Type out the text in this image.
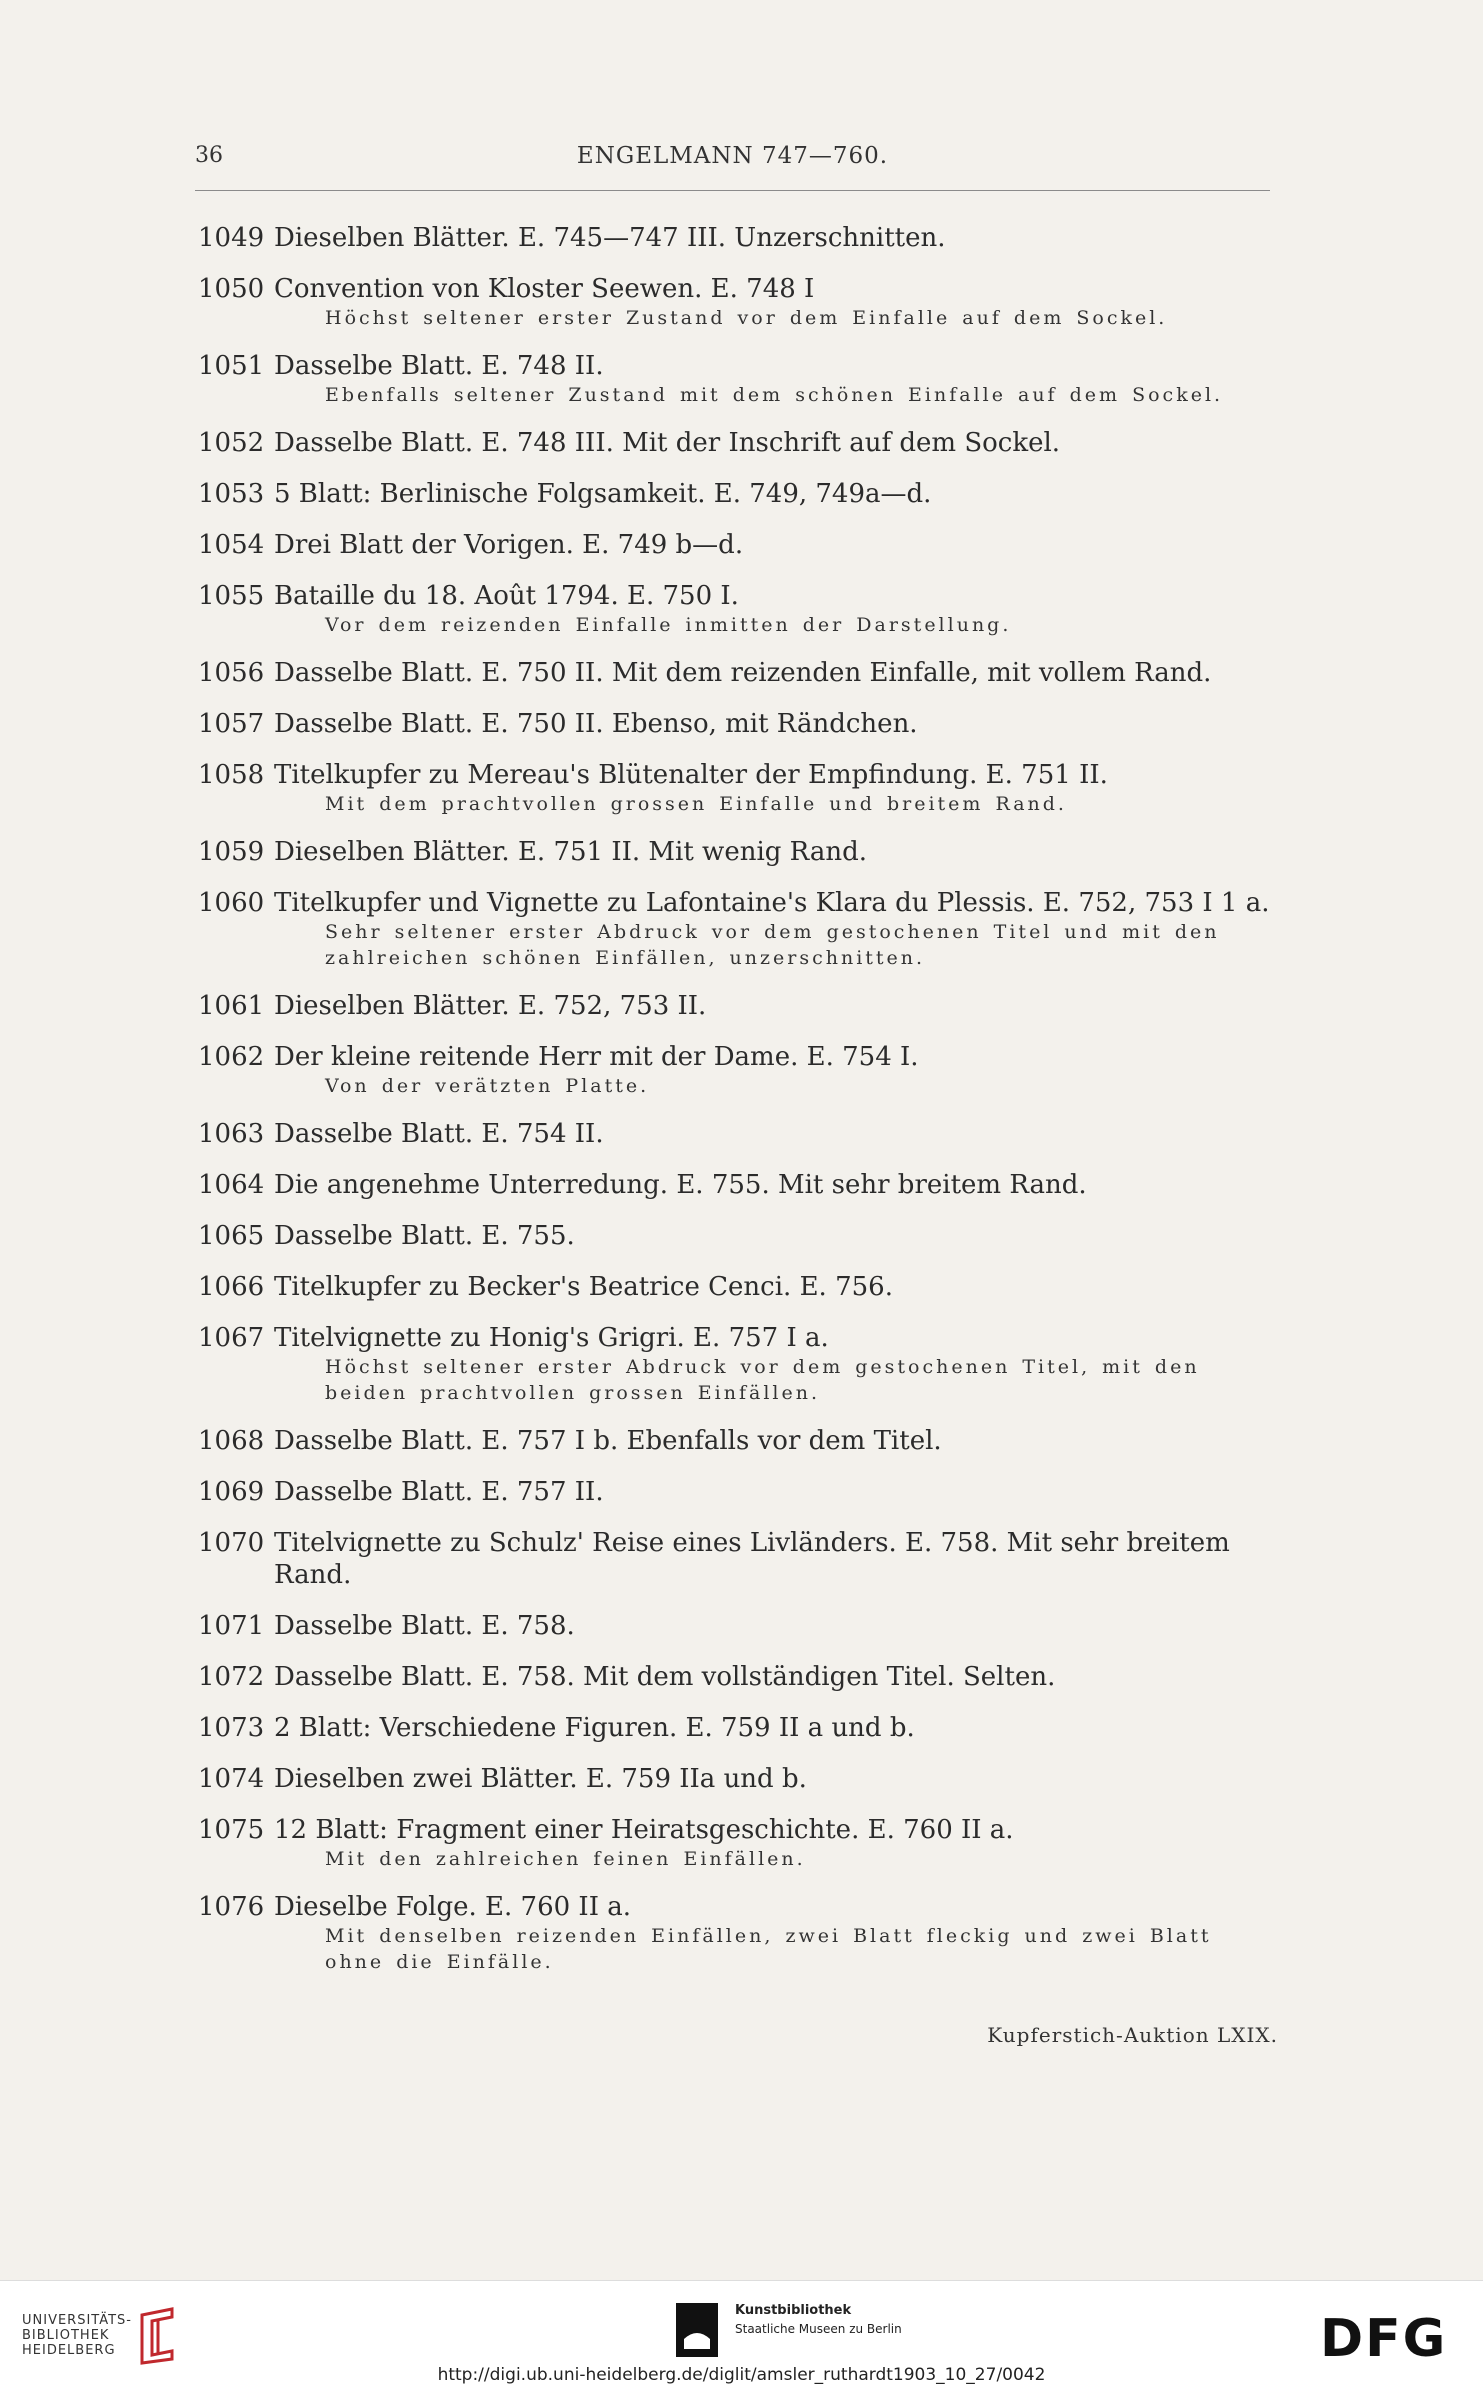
36	ENGELMANN 747—760.
1049 Dieselben Blätter. E. 745—747 III. Unzerschnitten.
1050 Convention von Kloster Seewen. E. 748 I
Höchst seltener erster Zustand vor dem Einfalle auf dem Sockel.
1051 Dasselbe Blatt. E. 748 II.
Ebenfalls seltener Zustand mit dem schönen Einfalle auf dem Sockel.
1052 Dasselbe Blatt. E. 748 III. Mit der Inschrift auf dem Sockel.
1053 5 Blatt: Berlinische Folgsamkeit. E. 749, 749a—d.
1054 Drei Blatt der Vorigen. E. 749 b—d.
1055 Bataille du 18. Août 1794. E. 750 I.
Vor dem reizenden Einfalle inmitten der Darstellung.
1056 Dasselbe Blatt. E. 750 II. Mit dem reizenden Einfalle, mit vollem Rand.
1057 Dasselbe Blatt. E. 750 II. Ebenso, mit Rändchen.
1058 Titelkupfer zu Mereau's Blütenalter der Empfindung. E. 751 II.
Mit dem prachtvollen grossen Einfalle und breitem Rand.
1059 Dieselben Blätter. E. 751 II. Mit wenig Rand.
1060 Titelkupfer und Vignette zu Lafontaine's Klara du Plessis. E. 752, 753 I 1 a.
Sehr seltener erster Abdruck vor dem gestochenen Titel und mit den zahlreichen schönen Einfällen, unzerschnitten.
1061 Dieselben Blätter. E. 752, 753 II.
1062 Der kleine reitende Herr mit der Dame. E. 754 I.
Von der verätzten Platte.
1063 Dasselbe Blatt. E. 754 II.
1064 Die angenehme Unterredung. E. 755. Mit sehr breitem Rand.
1065 Dasselbe Blatt. E. 755.
1066 Titelkupfer zu Becker's Beatrice Cenci. E. 756.
1067 Titelvignette zu Honig's Grigri. E. 757 I a.
Höchst seltener erster Abdruck vor dem gestochenen Titel, mit den beiden prachtvollen grossen Einfällen.
1068 Dasselbe Blatt. E. 757 I b. Ebenfalls vor dem Titel.
1069 Dasselbe Blatt. E. 757 II.
1070 Titelvignette zu Schulz' Reise eines Livländers. E. 758. Mit sehr breitem Rand.
1071 Dasselbe Blatt. E. 758.
1072 Dasselbe Blatt. E. 758. Mit dem vollständigen Titel. Selten.
1073 2 Blatt: Verschiedene Figuren. E. 759 II a und b.
1074 Dieselben zwei Blätter. E. 759 IIa und b.
1075 12 Blatt: Fragment einer Heiratsgeschichte. E. 760 II a.
Mit den zahlreichen feinen Einfällen.
1076 Dieselbe Folge. E. 760 II a.
Mit denselben reizenden Einfällen, zwei Blatt fleckig und zwei Blatt ohne die Einfälle.
Kupferstich-Auktion LXIX.
UNIVERSITÄTS-
BIBLIOTHEK
HEIDELBERG
Kunstbibliothek
Staatliche Museen zu Berlin	DFG
http://digi.ub.uni-heidelberg.de/diglit/amsler_ruthardt1903_10_27/0042
